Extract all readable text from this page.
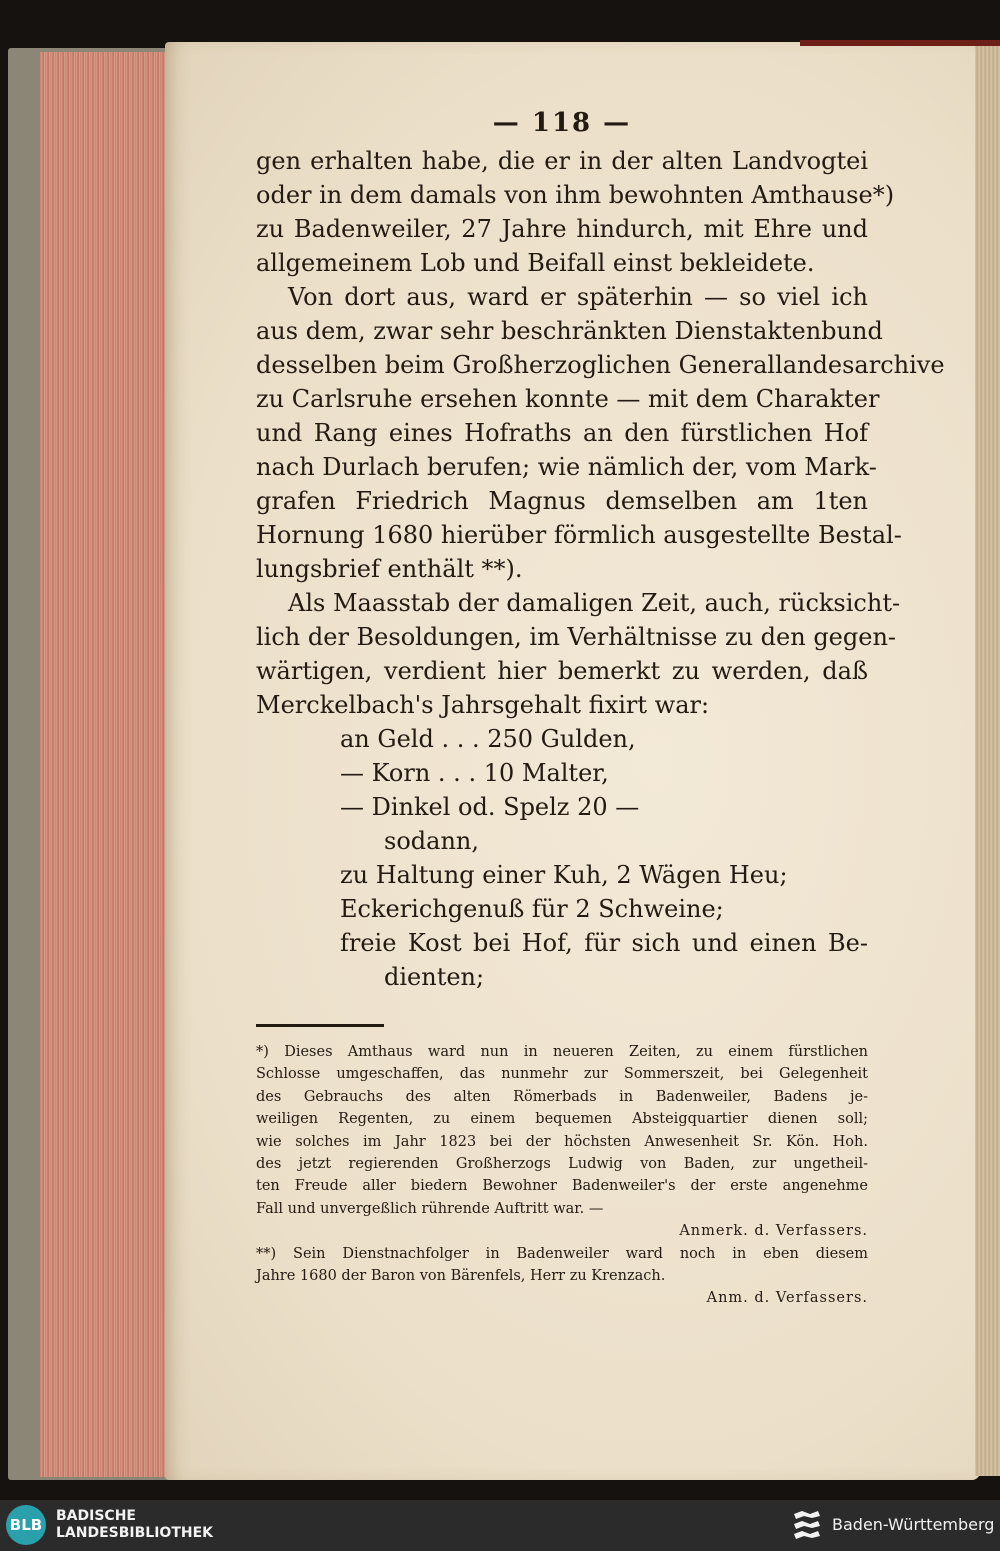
— 118 —
gen erhalten habe, die er in der alten Landvogtei
oder in dem damals von ihm bewohnten Amthause*)
zu Badenweiler, 27 Jahre hindurch, mit Ehre und
allgemeinem Lob und Beifall einst bekleidete.
Von dort aus, ward er späterhin — so viel ich
aus dem, zwar sehr beschränkten Dienstaktenbund
desselben beim Großherzoglichen Generallandesarchive
zu Carlsruhe ersehen konnte — mit dem Charakter
und Rang eines Hofraths an den fürstlichen Hof
nach Durlach berufen; wie nämlich der, vom Mark-
grafen Friedrich Magnus demselben am 1ten
Hornung 1680 hierüber förmlich ausgestellte Bestal-
lungsbrief enthält **).
Als Maasstab der damaligen Zeit, auch, rücksicht-
lich der Besoldungen, im Verhältnisse zu den gegen-
wärtigen, verdient hier bemerkt zu werden, daß
Merckelbach's Jahrsgehalt fixirt war:
an Geld . . . 250 Gulden,
— Korn . . . 10 Malter,
— Dinkel od. Spelz 20 —
sodann,
zu Haltung einer Kuh, 2 Wägen Heu;
Eckerichgenuß für 2 Schweine;
freie Kost bei Hof, für sich und einen Be-
dienten;
*) Dieses Amthaus ward nun in neueren Zeiten, zu einem fürstlichen
Schlosse umgeschaffen, das nunmehr zur Sommerszeit, bei Gelegenheit
des Gebrauchs des alten Römerbads in Badenweiler, Badens je-
weiligen Regenten, zu einem bequemen Absteigquartier dienen soll;
wie solches im Jahr 1823 bei der höchsten Anwesenheit Sr. Kön. Hoh.
des jetzt regierenden Großherzogs Ludwig von Baden, zur ungetheil-
ten Freude aller biedern Bewohner Badenweiler's der erste angenehme
Fall und unvergeßlich rührende Auftritt war. —
Anmerk. d. Verfassers.
**) Sein Dienstnachfolger in Badenweiler ward noch in eben diesem
Jahre 1680 der Baron von Bärenfels, Herr zu Krenzach.
Anm. d. Verfassers.
BLB BADISCHE
LANDESBIBLIOTHEK	Baden-Württemberg
